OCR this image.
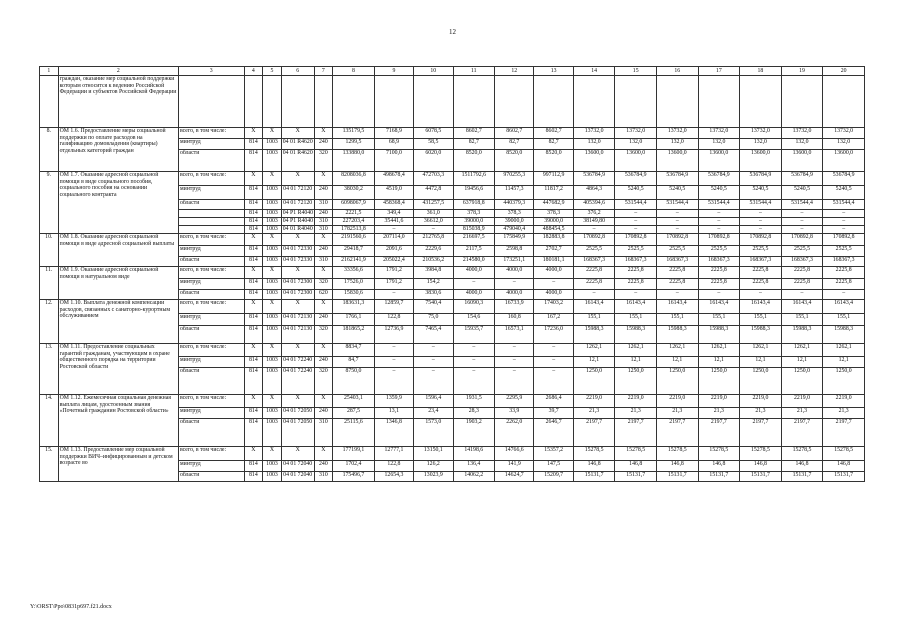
12
1	2	3	4	5	6	7	8	9	10	11	12	13	14	15	16	17	18	19	20
	граждан, оказание мер социальной поддержки которым относится к ведению Российской Федерации и субъектов Российской Федерации																		
8.	ОМ 1.6. Предоставление меры социальной поддержки по оплате расходов на газификацию домовладения (квартиры) отдельных категорий граждан	всего, в том числе:	X	X	X	X	135179,5	7168,9	6078,5	8602,7	8602,7	8602,7	13732,0	13732,0	13732,0	13732,0	13732,0	13732,0	13732,0
		минтруд	814	1003	04 01 R4620	240	1299,5	68,9	58,5	82,7	82,7	82,7	132,0	132,0	132,0	132,0	132,0	132,0	132,0
		области	814	1003	04 01 R4620	320	133880,0	7100,0	6020,0	8520,0	8520,0	8520,0	13600,0	13600,0	13600,0	13600,0	13600,0	13600,0	13600,0
9.	ОМ 1.7. Оказание адресной социальной помощи в виде социального пособия, социального пособия на основании социального контракта	всего, в том числе:	X	X	X	X	8208036,8	498678,4	472703,3	1511792,6	970255,3	997112,9	536784,9	536784,9	536784,9	536784,9	536784,9	536784,9	536784,9
		минтруд	814	1003	04 01 72120	240	38030,2	4519,0	4472,8	19456,6	11457,3	11817,2	4864,3	5240,5	5240,5	5240,5	5240,5	5240,5	5240,5
		области	814	1003	04 01 72120	310	6098067,9	458368,4	431257,5	637918,8	440379,3	447682,9	405394,6	531544,4	531544,4	531544,4	531544,4	531544,4	531544,4
			814	1003	04 P1 R4040	240	2221,5	349,4	361,0	378,3	378,3	378,3	376,2	–	–	–	–	–	–
			814	1003	04 P1 R4040	310	227203,4	35441,6	36612,0	39000,0	39000,0	39000,0	38149,80	–	–	–	–	–	–
			814	1003	04 01 R4040	310	1782513,8	–	–	815038,9	479040,4	488454,5	–	–	–	–	–	–	–
10.	ОМ 1.8. Оказание адресной социальной помощи в виде адресной социальной выплаты	всего, в том числе:	X	X	X	X	2191560,6	207114,0	212765,8	216697,5	175849,9	182883,8	170892,8	170892,8	170892,8	170892,8	170892,8	170892,8	170892,8
		минтруд	814	1003	04 01 72330	240	29418,7	2091,6	2229,6	2117,5	2598,8	2702,7	2525,5	2525,5	2525,5	2525,5	2525,5	2525,5	2525,5
		области	814	1003	04 01 72330	310	2162141,9	205022,4	210536,2	214580,0	173251,1	180181,1	168367,3	168367,3	168367,3	168367,3	168367,3	168367,3	168367,3
11.	ОМ 1.9. Оказание адресной социальной помощи в натуральном виде	всего, в том числе:	X	X	X	X	33356,6	1791,2	3984,8	4000,0	4000,0	4000,0	2225,8	2225,8	2225,8	2225,8	2225,8	2225,8	2225,8
		минтруд	814	1003	04 01 72300	320	17526,0	1791,2	154,2	–	–	–	2225,8	2225,8	2225,8	2225,8	2225,8	2225,8	2225,8
		области	814	1003	04 01 72300	620	15830,6	–	3830,6	4000,0	4000,0	4000,0	–	–	–	–	–	–	–
12.	ОМ 1.10. Выплата денежной компенсации расходов, связанных с санаторно-курортным обслуживанием	всего, в том числе:	X	X	X	X	183631,3	12859,7	7540,4	16090,3	16733,9	17403,2	16143,4	16143,4	16143,4	16143,4	16143,4	16143,4	16143,4
		минтруд	814	1003	04 01 72130	240	1766,1	122,8	75,0	154,6	160,8	167,2	155,1	155,1	155,1	155,1	155,1	155,1	155,1
		области	814	1003	04 01 72130	320	181865,2	12736,9	7465,4	15935,7	16573,1	17236,0	15988,3	15988,3	15988,3	15988,3	15988,3	15988,3	15988,3
13.	ОМ 1.11. Предоставление социальных гарантий гражданам, участвующим в охране общественного порядка на территории Ростовской области	всего, в том числе:	X	X	X	X	8834,7	–	–	–	–	–	1262,1	1262,1	1262,1	1262,1	1262,1	1262,1	1262,1
		минтруд	814	1003	04 01 72240	240	84,7	–	–	–	–	–	12,1	12,1	12,1	12,1	12,1	12,1	12,1
		области	814	1003	04 01 72240	320	8750,0	–	–	–	–	–	1250,0	1250,0	1250,0	1250,0	1250,0	1250,0	1250,0
14.	ОМ 1.12. Ежемесячная социальная денежная выплата лицам, удостоенным звания «Почетный гражданин Ростовской области»	всего, в том числе:	X	X	X	X	25403,1	1359,9	1596,4	1931,5	2295,9	2686,4	2219,0	2219,0	2219,0	2219,0	2219,0	2219,0	2219,0
		минтруд	814	1003	04 01 72050	240	287,5	13,1	23,4	28,3	33,9	39,7	21,3	21,3	21,3	21,3	21,3	21,3	21,3
		области	814	1003	04 01 72050	310	25115,6	1346,8	1573,0	1903,2	2262,0	2646,7	2197,7	2197,7	2197,7	2197,7	2197,7	2197,7	2197,7
15.	ОМ 1.13. Предоставление мер социальной поддержки ВИЧ–инфицированным и детском возрасте во	всего, в том числе:	X	X	X	X	177199,1	12777,1	13150,1	14198,6	14766,6	15357,2	15278,5	15278,5	15278,5	15278,5	15278,5	15278,5	15278,5
		минтруд	814	1003	04 01 72040	240	1702,4	122,8	126,2	136,4	141,9	147,5	146,8	146,8	146,8	146,8	146,8	146,8	146,8
		области	814	1003	04 01 72040	310	175496,7	12654,3	13023,9	14062,2	14624,7	15209,7	15131,7	15131,7	15131,7	15131,7	15131,7	15131,7	15131,7
Y:\ORST\Ppo\0831p697.f21.docx
